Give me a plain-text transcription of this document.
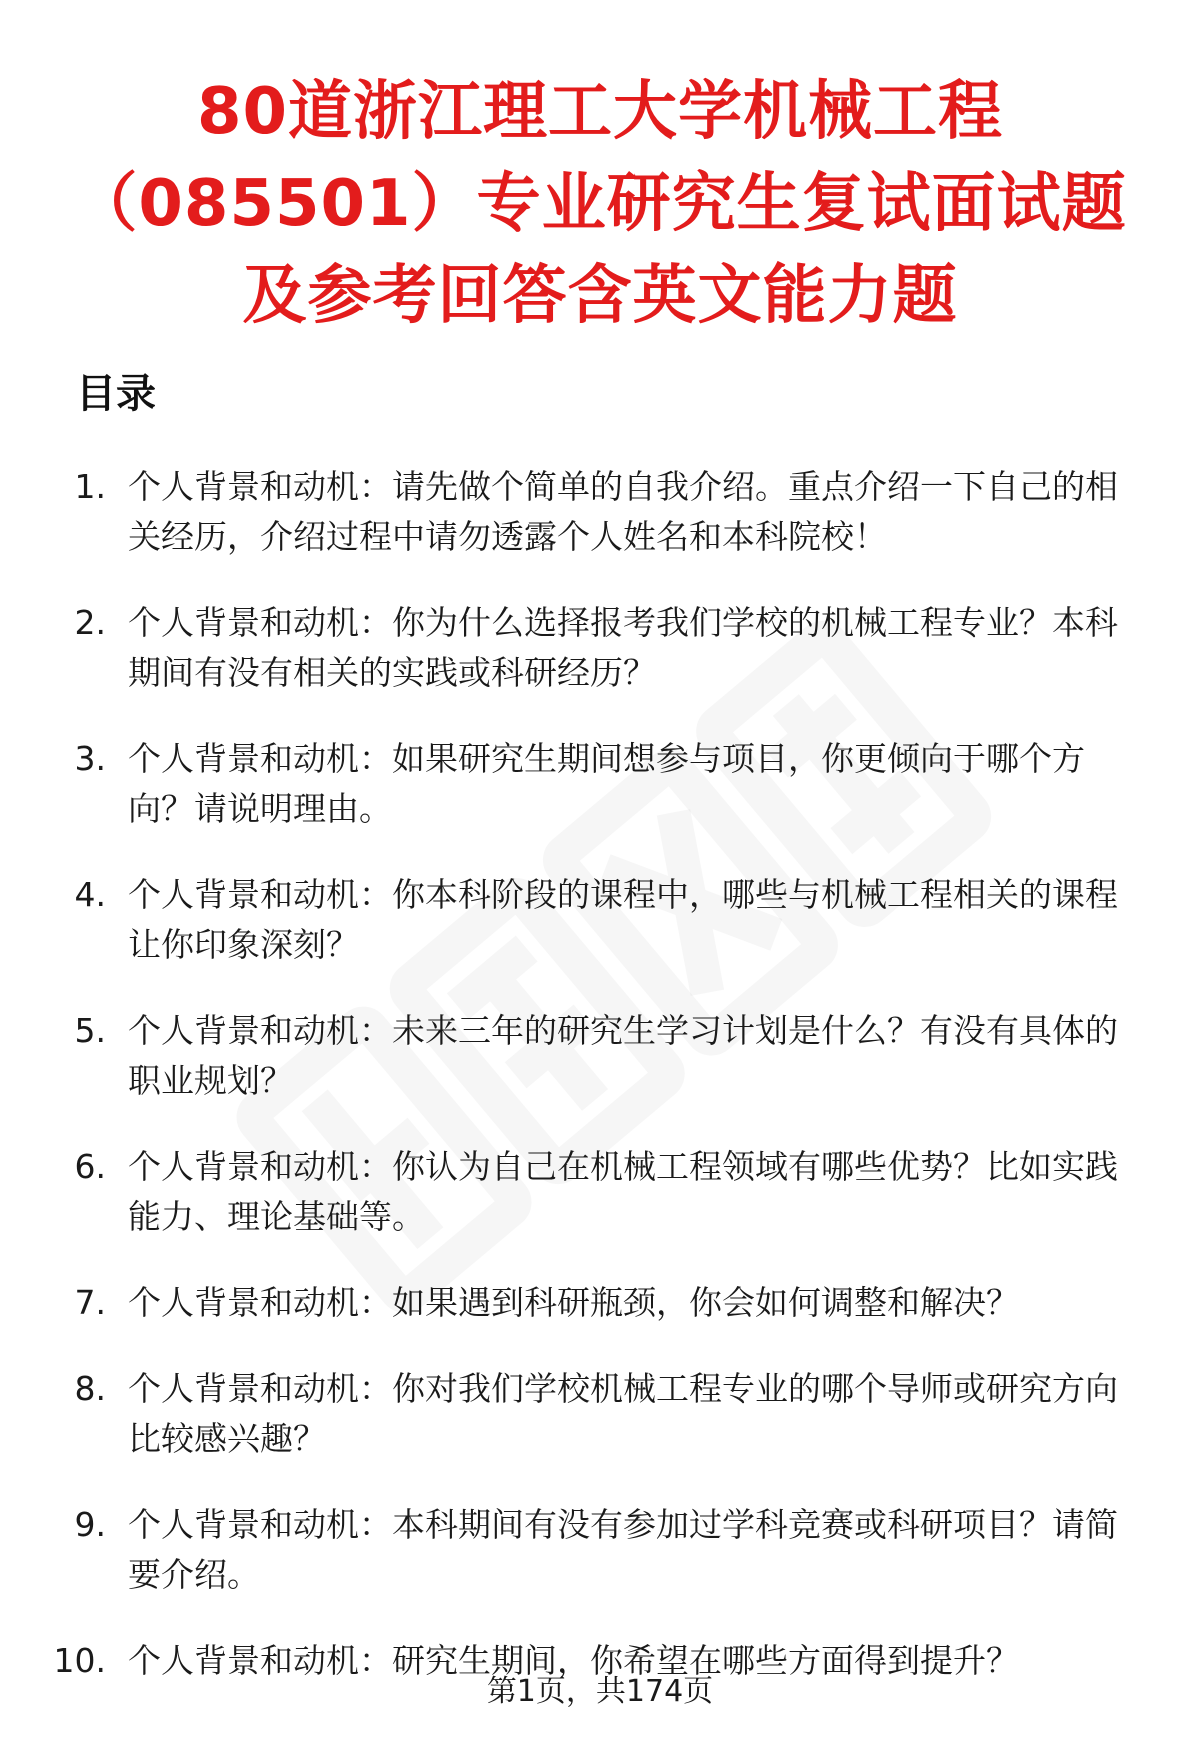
80道浙江理工大学机械工程
（085501）专业研究生复试面试题
及参考回答含英文能力题
目录
1. 个人背景和动机：请先做个简单的自我介绍。重点介绍一下自己的相关经历，介绍过程中请勿透露个人姓名和本科院校！
2. 个人背景和动机：你为什么选择报考我们学校的机械工程专业？本科期间有没有相关的实践或科研经历？
3. 个人背景和动机：如果研究生期间想参与项目，你更倾向于哪个方向？请说明理由。
4. 个人背景和动机：你本科阶段的课程中，哪些与机械工程相关的课程让你印象深刻？
5. 个人背景和动机：未来三年的研究生学习计划是什么？有没有具体的职业规划？
6. 个人背景和动机：你认为自己在机械工程领域有哪些优势？比如实践能力、理论基础等。
7. 个人背景和动机：如果遇到科研瓶颈，你会如何调整和解决？
8. 个人背景和动机：你对我们学校机械工程专业的哪个导师或研究方向比较感兴趣？
9. 个人背景和动机：本科期间有没有参加过学科竞赛或科研项目？请简要介绍。
10. 个人背景和动机：研究生期间，你希望在哪些方面得到提升？
第1页，共174页
